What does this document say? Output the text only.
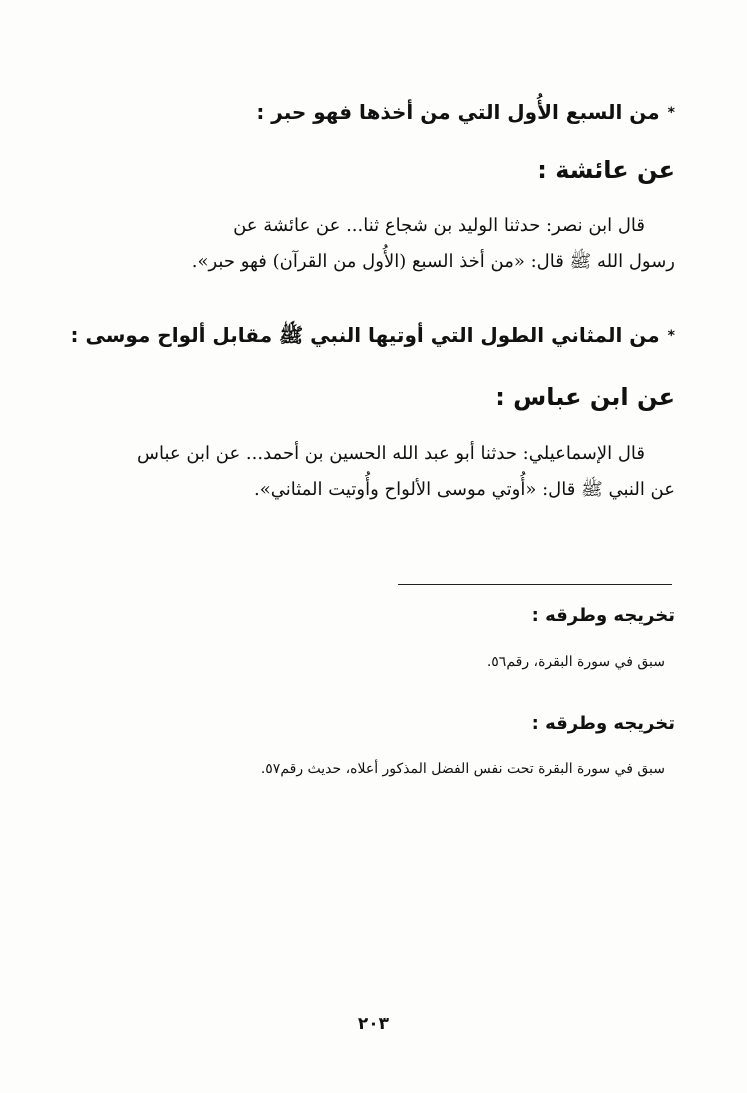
*من السبع الأُول التي من أخذها فهو حبر :
عن عائشة :
قال ابن نصر: حدثنا الوليد بن شجاع ثنا... عن عائشة عن
رسول الله ﷺ قال: «من أخذ السبع (الأُول من القرآن) فهو حبر».
*من المثاني الطول التي أوتيها النبي ﷺ مقابل ألواح موسى :
عن ابن عباس :
قال الإسماعيلي: حدثنا أبو عبد الله الحسين بن أحمد... عن ابن عباس
عن النبي ﷺ قال: «أُوتي موسى الألواح وأُوتيت المثاني».
تخريجه وطرقه :
سبق في سورة البقرة، رقم٥٦.
تخريجه وطرقه :
سبق في سورة البقرة تحت نفس الفضل المذكور أعلاه، حديث رقم٥٧.
٢٠٣
